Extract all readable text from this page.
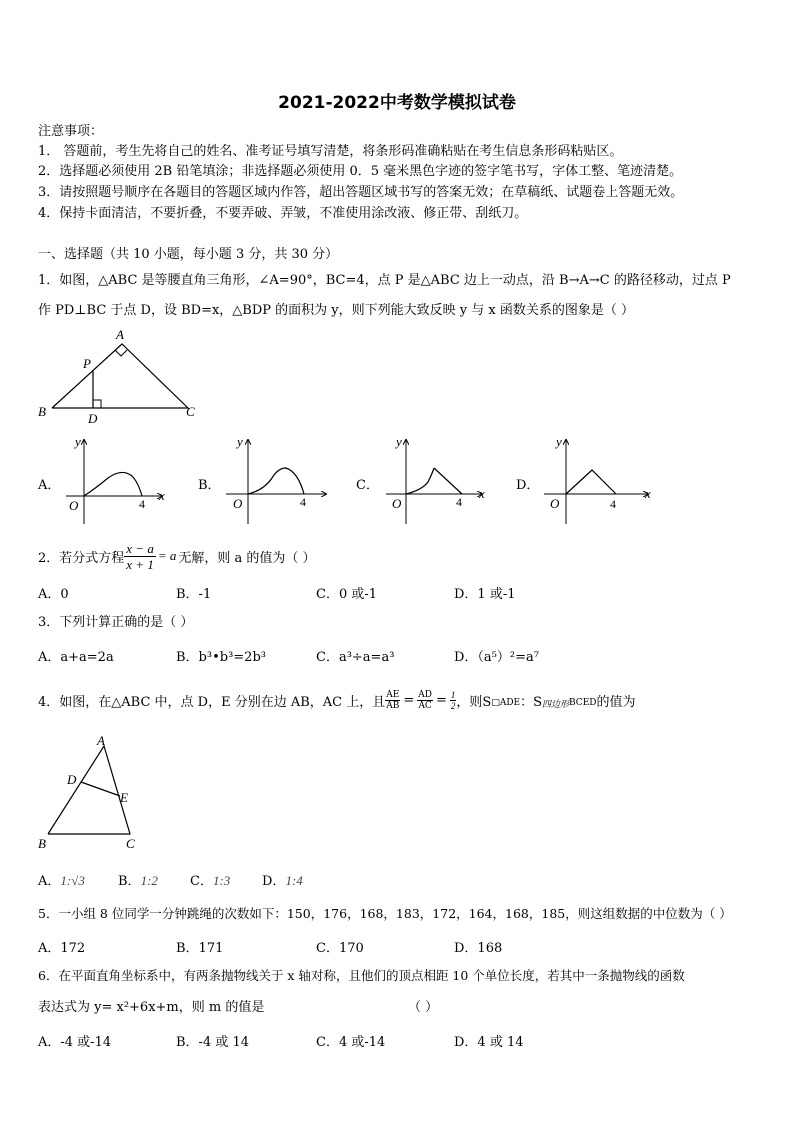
2021-2022中考数学模拟试卷
注意事项：
1． 答题前，考生先将自己的姓名、准考证号填写清楚，将条形码准确粘贴在考生信息条形码粘贴区。
2．选择题必须使用 2B 铅笔填涂；非选择题必须使用 0．5 毫米黑色字迹的签字笔书写，字体工整、笔迹清楚。
3．请按照题号顺序在各题目的答题区域内作答，超出答题区域书写的答案无效；在草稿纸、试题卷上答题无效。
4．保持卡面清洁，不要折叠，不要弄破、弄皱，不准使用涂改液、修正带、刮纸刀。
一、选择题（共 10 小题，每小题 3 分，共 30 分）
1．如图，△ABC 是等腰直角三角形，∠A=90°，BC=4，点 P 是△ABC 边上一动点，沿 B→A→C 的路径移动，过点 P
作 PD⊥BC 于点 D，设 BD=x，△BDP 的面积为 y，则下列能大致反映 y 与 x 函数关系的图象是（ ）
A
P
B	D	C
A．
y
x
O	4
B．
y
O	4
C．
y
x
O	4
D．
y
x
O	4
2．若分式方程 $\frac{x - a}{x + 1} = a$ 无解，则 a 的值为（ ）
A．0	B．-1	C．0 或-1	D．1 或-1
3．下列计算正确的是（ ）
A．a+a=2a	B．b³•b³=2b³	C．a³÷a=a³	D．（a⁵）²=a⁷
4．如图，在△ABC 中，点 D，E 分别在边 AB，AC 上，且 $\frac{AE}{AB} = \frac{AD}{AC} = \frac{1}{2}$ ，则S □ADE ：S 四边形 BCED 的值为
A
D
E
B	C
A．1:√3	B．1:2 C．1:3 D．1:4
5．一小组 8 位同学一分钟跳绳的次数如下：150，176，168，183，172，164，168，185，则这组数据的中位数为（ ）
A．172	B．171	C．170	D．168
6．在平面直角坐标系中，有两条抛物线关于 x 轴对称，且他们的顶点相距 10 个单位长度，若其中一条抛物线的函数
表达式为 y= x²+6x+m，则 m 的值是	（ ）
A．-4 或-14	B．-4 或 14	C．4 或-14	D．4 或 14
